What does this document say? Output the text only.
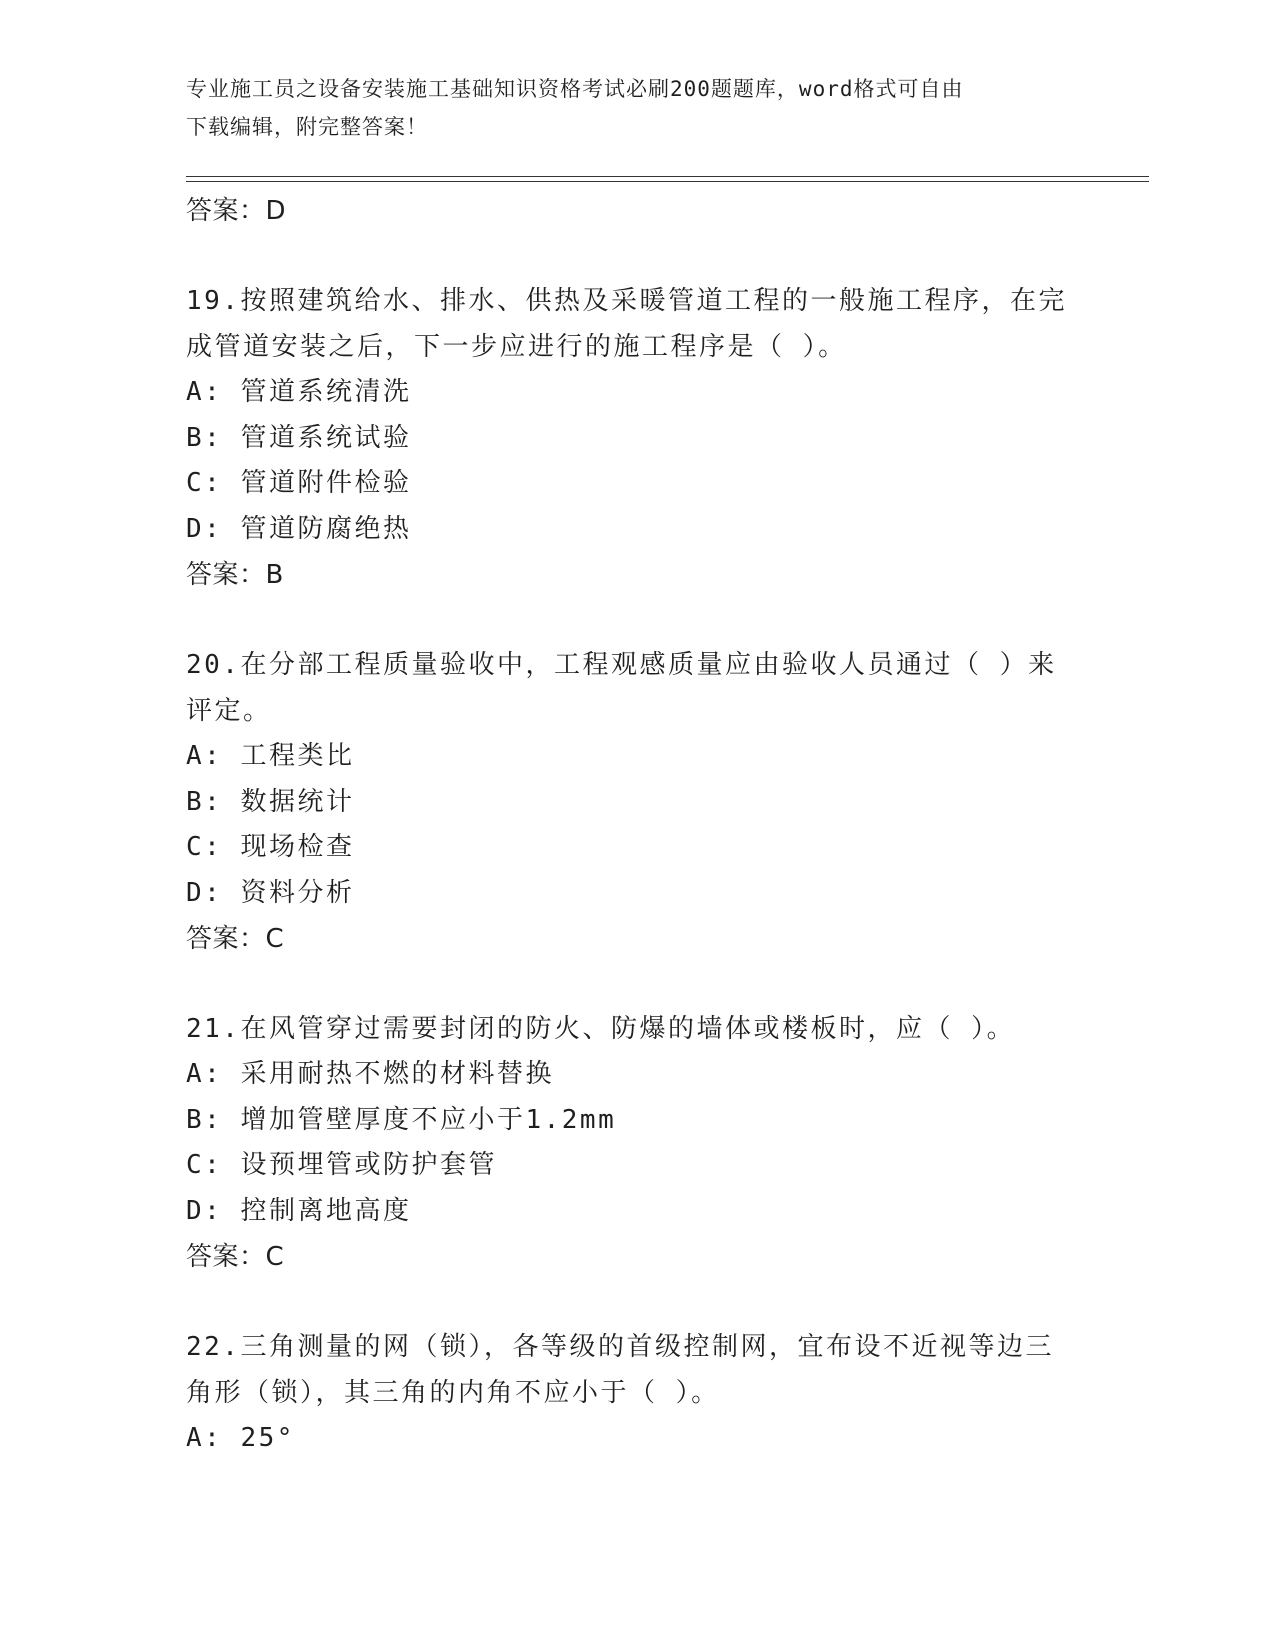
专业施工员之设备安装施工基础知识资格考试必刷200题题库，word格式可自由
下载编辑，附完整答案！
答案：D

19.按照建筑给水、排水、供热及采暖管道工程的一般施工程序，在完

成管道安装之后，下一步应进行的施工程序是（ ）。

A: 管道系统清洗

B: 管道系统试验

C: 管道附件检验

D: 管道防腐绝热

答案：B

20.在分部工程质量验收中，工程观感质量应由验收人员通过（ ）来

评定。

A: 工程类比

B: 数据统计

C: 现场检查

D: 资料分析

答案：C

21.在风管穿过需要封闭的防火、防爆的墙体或楼板时，应（ ）。

A: 采用耐热不燃的材料替换

B: 增加管壁厚度不应小于1.2mm

C: 设预埋管或防护套管

D: 控制离地高度

答案：C

22.三角测量的网（锁），各等级的首级控制网，宜布设不近视等边三

角形（锁），其三角的内角不应小于（ ）。

A: 25°
